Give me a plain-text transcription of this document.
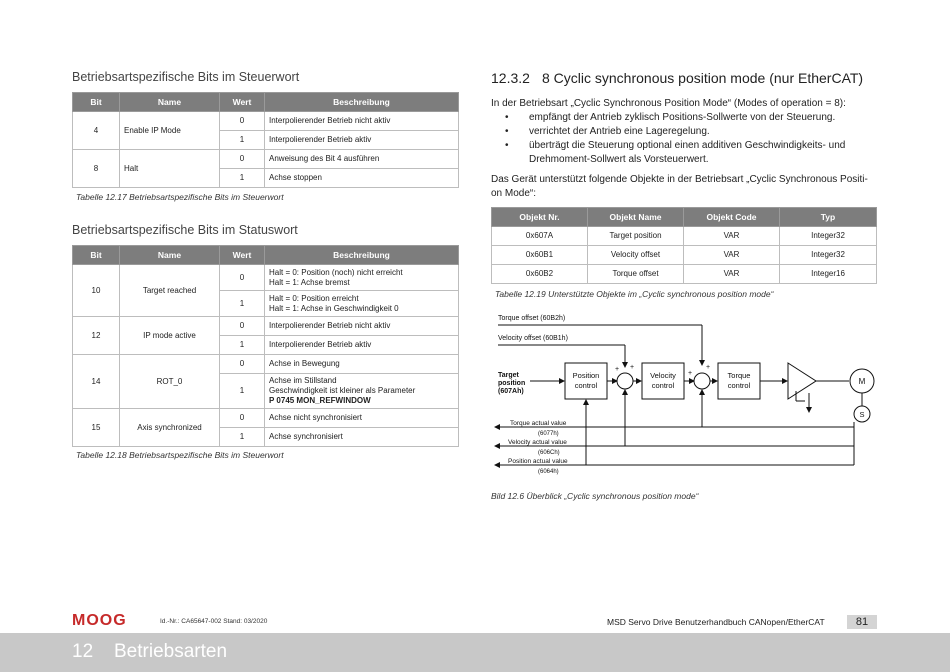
Betriebsartspezifische Bits im Steuerwort
Bit	Name	Wert	Beschreibung
4	Enable IP Mode	0	Interpolierender Betrieb nicht aktiv
		1	Interpolierender Betrieb aktiv
8	Halt	0	Anweisung des Bit 4 ausführen
		1	Achse stoppen
Tabelle 12.17 Betriebsartspezifische Bits im Steuerwort
Betriebsartspezifische Bits im Statuswort
Bit	Name	Wert	Beschreibung
10	Target reached	0	Halt = 0: Position (noch) nicht erreicht
Halt = 1: Achse bremst

		1	Halt = 0: Position erreicht
Halt = 1: Achse in Geschwindigkeit 0

12	IP mode active	0	Interpolierender Betrieb nicht aktiv
		1	Interpolierender Betrieb aktiv
14	ROT_0	0	Achse in Bewegung
		1	Achse im Stillstand
Geschwindigkeit ist kleiner als Parameter
P 0745 MON_REFWINDOW

15	Axis synchronized	0	Achse nicht synchronisiert
		1	Achse synchronisiert
Tabelle 12.18 Betriebsartspezifische Bits im Steuerwort
12.3.2 8 Cyclic synchronous position mode (nur EtherCAT)
In der Betriebsart „Cyclic Synchronous Position Mode“ (Modes of operation = 8):
• empfängt der Antrieb zyklisch Positions-Sollwerte von der Steuerung.
• verrichtet der Antrieb eine Lageregelung.
• überträgt die Steuerung optional einen additiven Geschwindigkeits- und
Drehmoment-Sollwert als Vorsteuerwert.
Das Gerät unterstützt folgende Objekte in der Betriebsart „Cyclic Synchronous Positi-
on Mode“:
Objekt Nr.	Objekt Name	Objekt Code	Typ
0x607A	Target position	VAR	Integer32
0x60B1	Velocity offset	VAR	Integer32
0x60B2	Torque offset	VAR	Integer16
Tabelle 12.19 Unterstützte Objekte im „Cyclic synchronous position mode“
Torque offset (60B2h)
Velocity offset (60B1h)
Target position (607Ah)
Position
control
+ +
Velocity
control
+
+
Torque
control	M
S
Torque actual value
(6077h)
Velocity actual value
(606Ch)
Position actual value
(6064h)
Bild 12.6 Überblick „Cyclic synchronous position mode“
MOOG	Id.-Nr.: CA65647-002 Stand: 03/2020	MSD Servo Drive Benutzerhandbuch CANopen/EtherCAT	81
12 Betriebsarten
